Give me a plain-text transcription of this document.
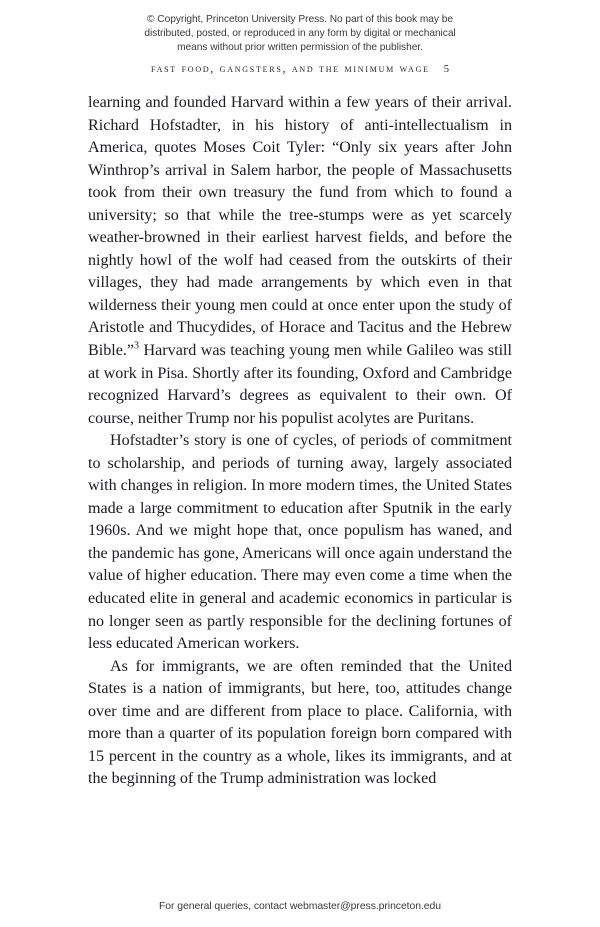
© Copyright, Princeton University Press. No part of this book may be
distributed, posted, or reproduced in any form by digital or mechanical
means without prior written permission of the publisher.
fast food, gangsters, and the minimum wage 5

learning and founded Harvard within a few years of their arrival. Richard Hofstadter, in his history of anti-intellectualism in America, quotes Moses Coit Tyler: “Only six years after John Winthrop’s arrival in Salem harbor, the people of Massachusetts took from their own treasury the fund from which to found a university; so that while the tree-stumps were as yet scarcely weather-browned in their earliest harvest fields, and before the nightly howl of the wolf had ceased from the outskirts of their villages, they had made arrangements by which even in that wilderness their young men could at once enter upon the study of Aristotle and Thucydides, of Horace and Tacitus and the Hebrew Bible.”$^3$ Harvard was teaching young men while Galileo was still at work in Pisa. Shortly after its founding, Oxford and Cambridge recognized Harvard’s degrees as equivalent to their own. Of course, neither Trump nor his populist acolytes are Puritans.

Hofstadter’s story is one of cycles, of periods of commitment to scholarship, and periods of turning away, largely associated with changes in religion. In more modern times, the United States made a large commitment to education after Sputnik in the early 1960s. And we might hope that, once populism has waned, and the pandemic has gone, Americans will once again understand the value of higher education. There may even come a time when the educated elite in general and academic economics in particular is no longer seen as partly responsible for the declining fortunes of less educated American workers.

As for immigrants, we are often reminded that the United States is a nation of immigrants, but here, too, attitudes change over time and are different from place to place. California, with more than a quarter of its population foreign born compared with 15 percent in the country as a whole, likes its immigrants, and at the beginning of the Trump administration was locked

For general queries, contact webmaster@press.princeton.edu
